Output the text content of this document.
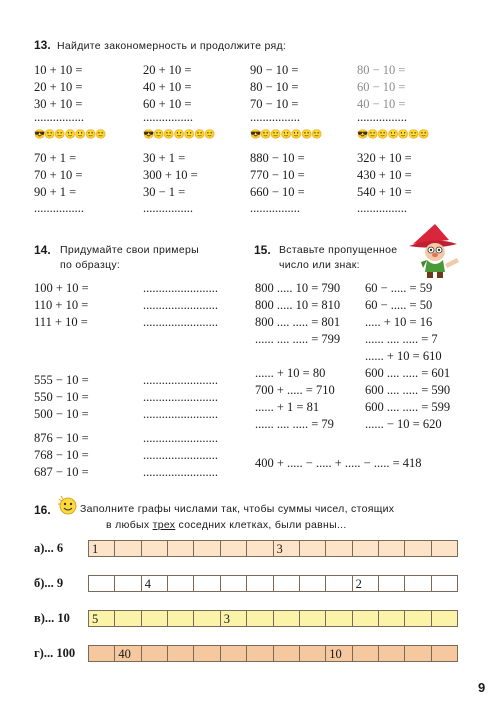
13. Найдите закономерность и продолжите ряд:
10 + 10 =	20 + 10 =	90 − 10 =	80 − 10 =
20 + 10 =	40 + 10 =	80 − 10 =	60 − 10 =
30 + 10 =	60 + 10 =	70 − 10 =	40 − 10 =
................
😎🙂🙂🙂🙂🙂🙂
................
................
😎🙂🙂🙂🙂🙂🙂
................
................
😎🙂🙂🙂🙂🙂🙂
................
................
😎🙂🙂🙂🙂🙂🙂
................
70 + 1 =	30 + 1 =	880 − 10 =	320 + 10 =
70 + 10 =	300 + 10 =	770 − 10 =	430 + 10 =
90 + 1 =	30 − 1 =	660 − 10 =	540 + 10 =
14. Придумайте свои примеры
по образцу:
100 + 10 =	........................
110 + 10 =	........................
111 + 10 =	........................
555 − 10 =	........................
550 − 10 =	........................
500 − 10 =	........................
876 − 10 =	........................
768 − 10 =	........................
687 − 10 =	........................
15. Вставьте пропущенное
число или знак:
800 ..... 10 = 790
800 ..... 10 = 810
800 .... ..... = 801
...... .... ..... = 799
...... + 10 = 80
700 + ..... = 710
...... + 1 = 81
...... .... ..... = 79
60 − ..... = 59
60 − ..... = 50
..... + 10 = 16
...... .... ..... = 7
...... + 10 = 610
600 .... ..... = 601
600 .... ..... = 590
600 .... ..... = 599
...... − 10 = 620
400 + ..... − ..... + ..... − ..... = 418
16.	Заполните графы числами так, чтобы суммы чисел, стоящих
в любых трех соседних клетках, были равны...
а)... 6 1	3
б)... 9	4	2
в)... 10 5	3
г)... 100	40	10
9
